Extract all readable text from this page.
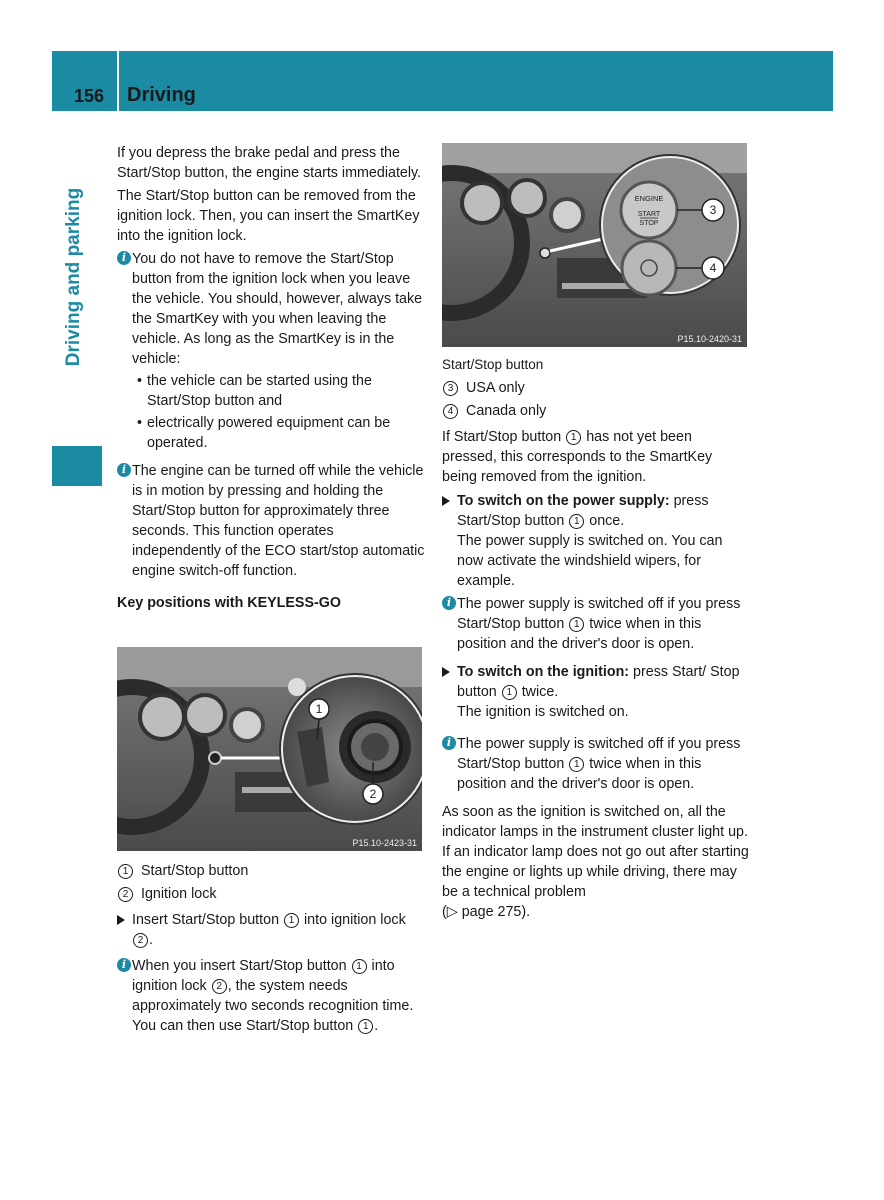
156 Driving
Driving and parking

If you depress the brake pedal and press the Start/Stop button, the engine starts immediately.

The Start/Stop button can be removed from the ignition lock. Then, you can insert the SmartKey into the ignition lock.

i You do not have to remove the Start/Stop button from the ignition lock when you leave the vehicle. You should, however, always take the SmartKey with you when leaving the vehicle. As long as the SmartKey is in the vehicle:
• the vehicle can be started using the Start/Stop button and
• electrically powered equipment can be operated.
i The engine can be turned off while the vehicle is in motion by pressing and holding the Start/Stop button for approximately three seconds. This function operates independently of the ECO start/stop automatic engine switch-off function.

Key positions with KEYLESS-GO

1
2
P15.10-2423-31
1 Start/Stop button
2 Ignition lock
Insert Start/Stop button 1 into ignition lock 2 .
i When you insert Start/Stop button 1 into ignition lock 2 , the system needs approximately two seconds recognition time. You can then use Start/Stop button 1 .
ENGINE
START
STOP
3
4
P15.10-2420-31

Start/Stop button

3 USA only
4 Canada only

If Start/Stop button 1 has not yet been pressed, this corresponds to the SmartKey being removed from the ignition.

To switch on the power supply: press Start/Stop button 1 once.
The power supply is switched on. You can now activate the windshield wipers, for example.
i The power supply is switched off if you press Start/Stop button 1 twice when in this position and the driver's door is open.
To switch on the ignition: press Start/ Stop button 1 twice.
The ignition is switched on.
i The power supply is switched off if you press Start/Stop button 1 twice when in this position and the driver's door is open.

As soon as the ignition is switched on, all the indicator lamps in the instrument cluster light up. If an indicator lamp does not go out after starting the engine or lights up while driving, there may be a technical problem
(▷ page 275).
